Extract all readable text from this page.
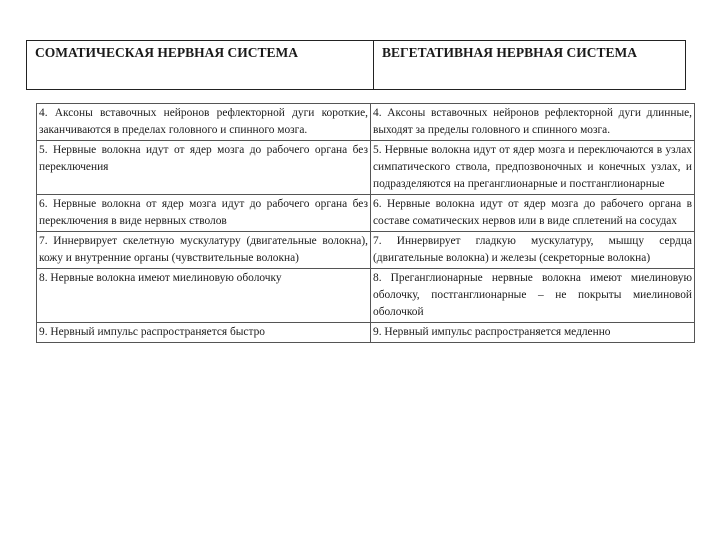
СОМАТИЧЕСКАЯ НЕРВНАЯ СИСТЕМА	ВЕГЕТАТИВНАЯ НЕРВНАЯ СИСТЕМА
4. Аксоны вставочных нейронов рефлекторной дуги короткие, заканчиваются в пределах головного и спинного мозга.	4. Аксоны вставочных нейронов рефлекторной дуги длинные, выходят за пределы головного и спинного мозга.
5. Нервные волокна идут от ядер мозга до рабочего органа без переключения	5. Нервные волокна идут от ядер мозга и переключаются в узлах симпатического ствола, предпозвоночных и конечных узлах, и подразделяются на преганглионарные и постганглионарные
6. Нервные волокна от ядер мозга идут до рабочего органа без переключения в виде нервных стволов	6. Нервные волокна идут от ядер мозга до рабочего органа в составе соматических нервов или в виде сплетений на сосудах
7. Иннервирует скелетную мускулатуру (двигательные волокна), кожу и внутренние органы (чувствительные волокна)	7. Иннервирует гладкую мускулатуру, мышцу сердца (двигательные волокна) и железы (секреторные волокна)
8. Нервные волокна имеют миелиновую оболочку	8. Преганглионарные нервные волокна имеют миелиновую оболочку, постганглионарные – не покрыты миелиновой оболочкой
9. Нервный импульс распространяется быстро	9. Нервный импульс распространяется медленно
